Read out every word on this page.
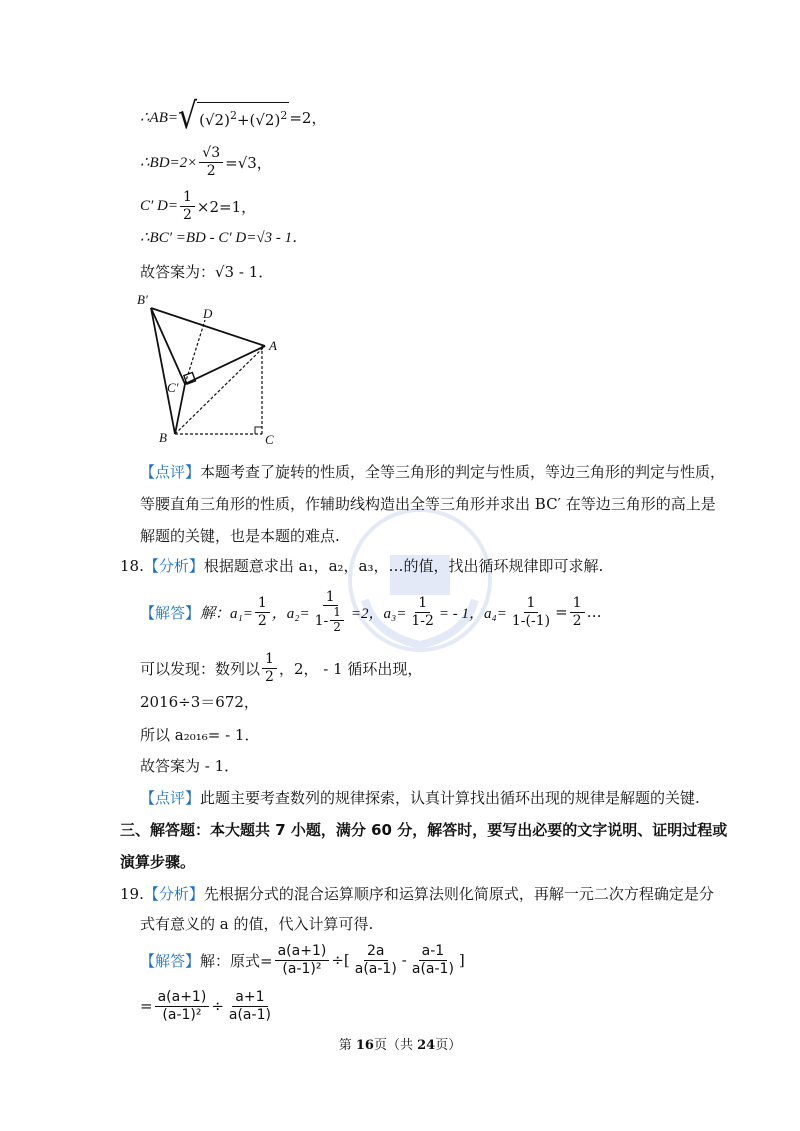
∴AB= √ $(√2)^2+(√2)^2 =2$，
∴BD=2× $\frac{√3}{2} =√3$，
C′ $D= \frac{1}{2} \times 2=1$，
∴BC′ =BD - C′ D=√3 - 1．
故答案为：√3 - 1．
B′
D
A
C′
B	C
【点评】本题考查了旋转的性质，全等三角形的判定与性质，等边三角形的判定与性质，
等腰直角三角形的性质，作辅助线构造出全等三角形并求出 BC′ 在等边三角形的高上是
解题的关键，也是本题的难点.
18.【分析】根据题意求出 a₁，a₂，a₃，…的值，找出循环规律即可求解.
【解答】 解：$a_1= \frac{1}{2}$ ，$a_2= \frac{1}{1- \frac{1}{2}} =2$，$a_3= \frac{1}{1-2}$ = - 1，$a_4= \frac{1}{1-(-1)} = \frac{1}{2}$ …
可以发现：数列以 $\frac{1}{2}$ ，2， - 1 循环出现，
2016÷3＝672，
所以 a₂₀₁₆= - 1．
故答案为 - 1．
【点评】此题主要考查数列的规律探索，认真计算找出循环出现的规律是解题的关键.
三、解答题：本大题共 7 小题，满分 60 分，解答时，要写出必要的文字说明、证明过程或
演算步骤。
19.【分析】先根据分式的混合运算顺序和运算法则化简原式，再解一元二次方程确定是分
式有意义的 a 的值，代入计算可得.
【解答】 解：原式= $\frac{a(a+1)}{\text{(a-1)²}}$ ÷[ $\frac{2a}{a(a-1)} - \frac{a-1}{a(a-1)}$ ]
= $\frac{a(a+1)}{\text{(a-1)²}} \div \frac{a+1}{a(a-1)}$
第 16页（共 24页）
